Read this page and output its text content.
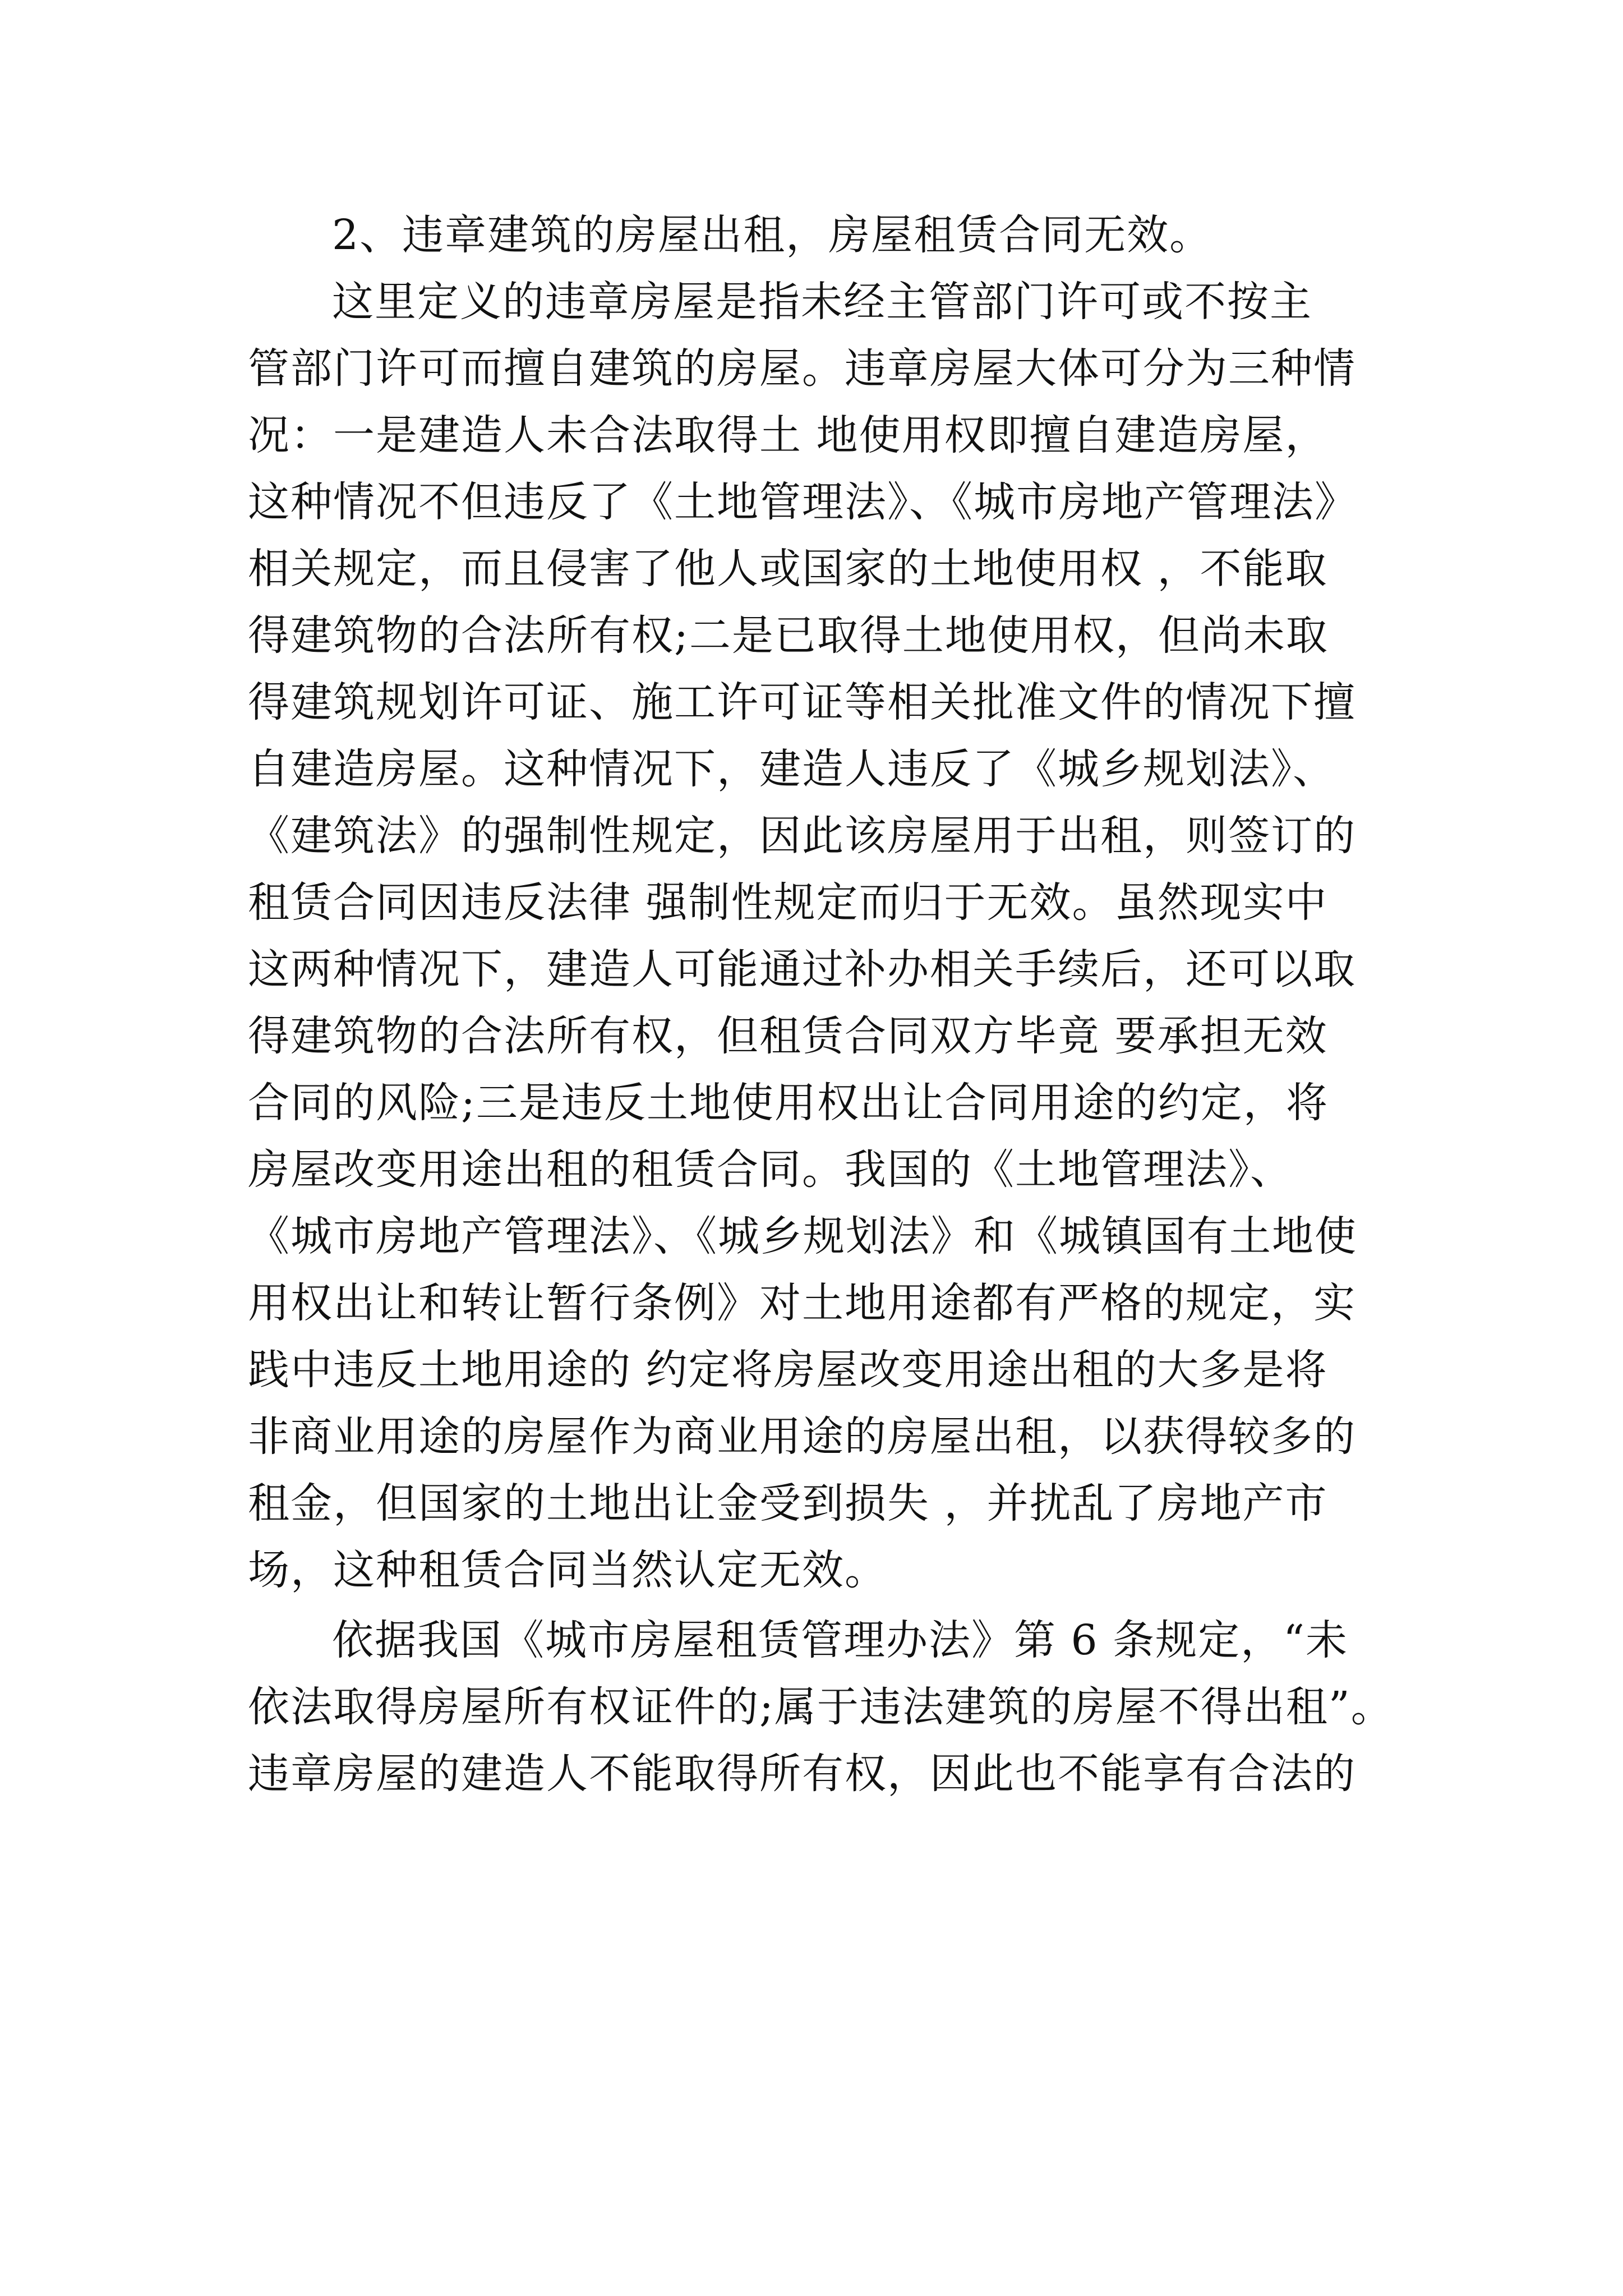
2、违章建筑的房屋出租，房屋租赁合同无效。
这里定义的违章房屋是指未经主管部门许可或不按主
管部门许可而擅自建筑的房屋。违章房屋大体可分为三种情
况：一是建造人未合法取得土 地使用权即擅自建造房屋，
这种情况不但违反了《土地管理法》、《城市房地产管理法》
相关规定，而且侵害了他人或国家的土地使用权 ，不能取
得建筑物的合法所有权;二是已取得土地使用权，但尚未取
得建筑规划许可证、施工许可证等相关批准文件的情况下擅
自建造房屋。这种情况下，建造人违反了《城乡规划法》、
《建筑法》的强制性规定，因此该房屋用于出租，则签订的
租赁合同因违反法律 强制性规定而归于无效。虽然现实中
这两种情况下，建造人可能通过补办相关手续后，还可以取
得建筑物的合法所有权，但租赁合同双方毕竟 要承担无效
合同的风险;三是违反土地使用权出让合同用途的约定，将
房屋改变用途出租的租赁合同。我国的《土地管理法》、
《城市房地产管理法》、《城乡规划法》和《城镇国有土地使
用权出让和转让暂行条例》对土地用途都有严格的规定，实
践中违反土地用途的 约定将房屋改变用途出租的大多是将
非商业用途的房屋作为商业用途的房屋出租，以获得较多的
租金，但国家的土地出让金受到损失 ，并扰乱了房地产市
场，这种租赁合同当然认定无效。
依据我国《城市房屋租赁管理办法》第 6 条规定，“未
依法取得房屋所有权证件的;属于违法建筑的房屋不得出租”。
违章房屋的建造人不能取得所有权，因此也不能享有合法的
